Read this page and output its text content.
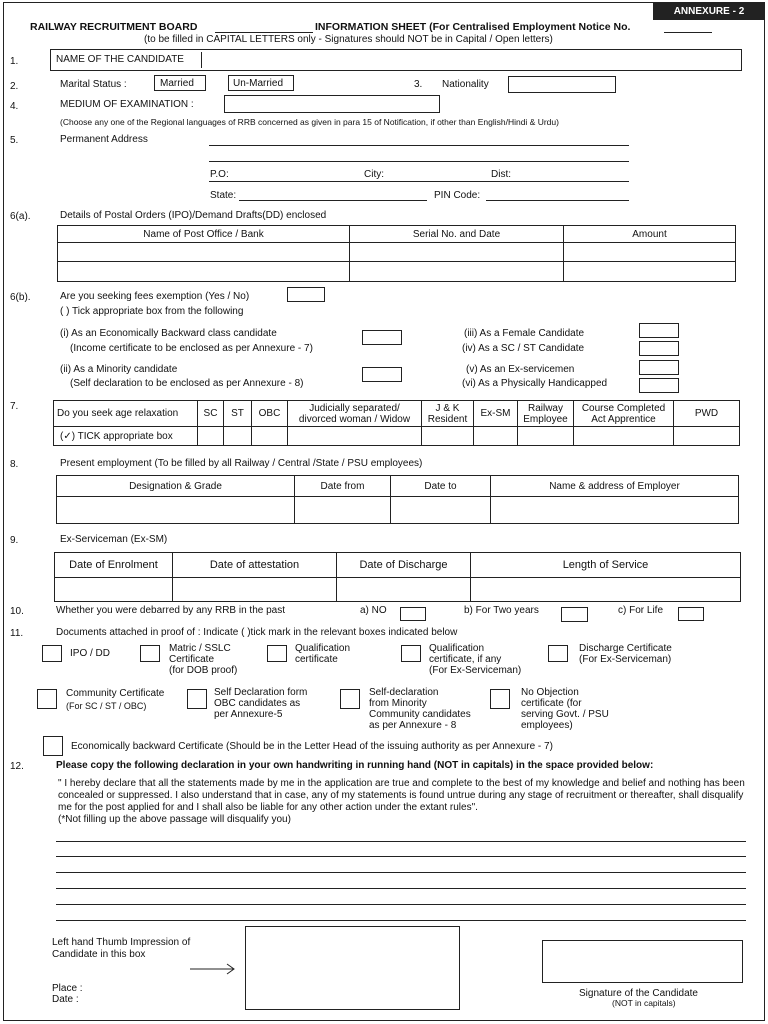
ANNEXURE - 2
RAILWAY RECRUITMENT BOARD	INFORMATION SHEET (For Centralised Employment Notice No.
(to be filled in CAPITAL LETTERS only - Signatures should NOT be in Capital / Open letters)
1.	NAME OF THE CANDIDATE
2.	Marital Status :	Married	Un-Married	3. Nationality
4.	MEDIUM OF EXAMINATION :
(Choose any one of the Regional languages of RRB concerned as given in para 15 of Notification, if other than English/Hindi & Urdu)
5.	Permanent Address
P.O:	City:	Dist:
State:	PIN Code:
6(a).	Details of Postal Orders (IPO)/Demand Drafts(DD) enclosed
Name of Post Office / Bank	Serial No. and Date	Amount

6(b).	Are you seeking fees exemption (Yes / No)
( ) Tick appropriate box from the following
(i) As an Economically Backward class candidate
(Income certificate to be enclosed as per Annexure - 7)
(ii) As a Minority candidate
(Self declaration to be enclosed as per Annexure - 8)
(iii) As a Female Candidate
(iv) As a SC / ST Candidate
(v) As an Ex-servicemen
(vi) As a Physically Handicapped
7.
Do you seek age relaxation	SC	ST	OBC	Judicially separated/ divorced woman / Widow	J & K Resident	Ex-SM	Railway Employee	Course Completed Act Apprentice	PWD
(✓) TICK appropriate box									
8.	Present employment (To be filled by all Railway / Central /State / PSU employees)
Designation & Grade	Date from	Date to	Name & address of Employer

9.	Ex-Serviceman (Ex-SM)
Date of Enrolment	Date of attestation	Date of Discharge	Length of Service

10.	Whether you were debarred by any RRB in the past	a) NO	b) For Two years	c) For Life
11.	Documents attached in proof of : Indicate ( )tick mark in the relevant boxes indicated below
IPO / DD	Matric / SSLC
Certificate
(for DOB proof)
Qualification
certificate
Qualification
certificate, if any
(For Ex-Serviceman)
Discharge Certificate
(For Ex-Serviceman)
Community Certificate
(For SC / ST / OBC)
Self Declaration form
OBC candidates as
per Annexure-5
Self-declaration
from Minority
Community candidates
as per Annexure - 8
No Objection
certificate (for
serving Govt. / PSU
employees)
Economically backward Certificate (Should be in the Letter Head of the issuing authority as per Annexure - 7)
12.	Please copy the following declaration in your own handwriting in running hand (NOT in capitals) in the space provided below:
" I hereby declare that all the statements made by me in the application are true and complete to the best of my knowledge and belief and nothing has been concealed or suppressed. I also understand that in case, any of my statements is found untrue during any stage of recruitment or thereafter, shall disqualify me for the post applied for and I shall also be liable for any other action under the extant rules".
(*Not filling up the above passage will disqualify you)
Left hand Thumb Impression of
Candidate in this box
Place :
Date :
Signature of the Candidate
(NOT in capitals)
